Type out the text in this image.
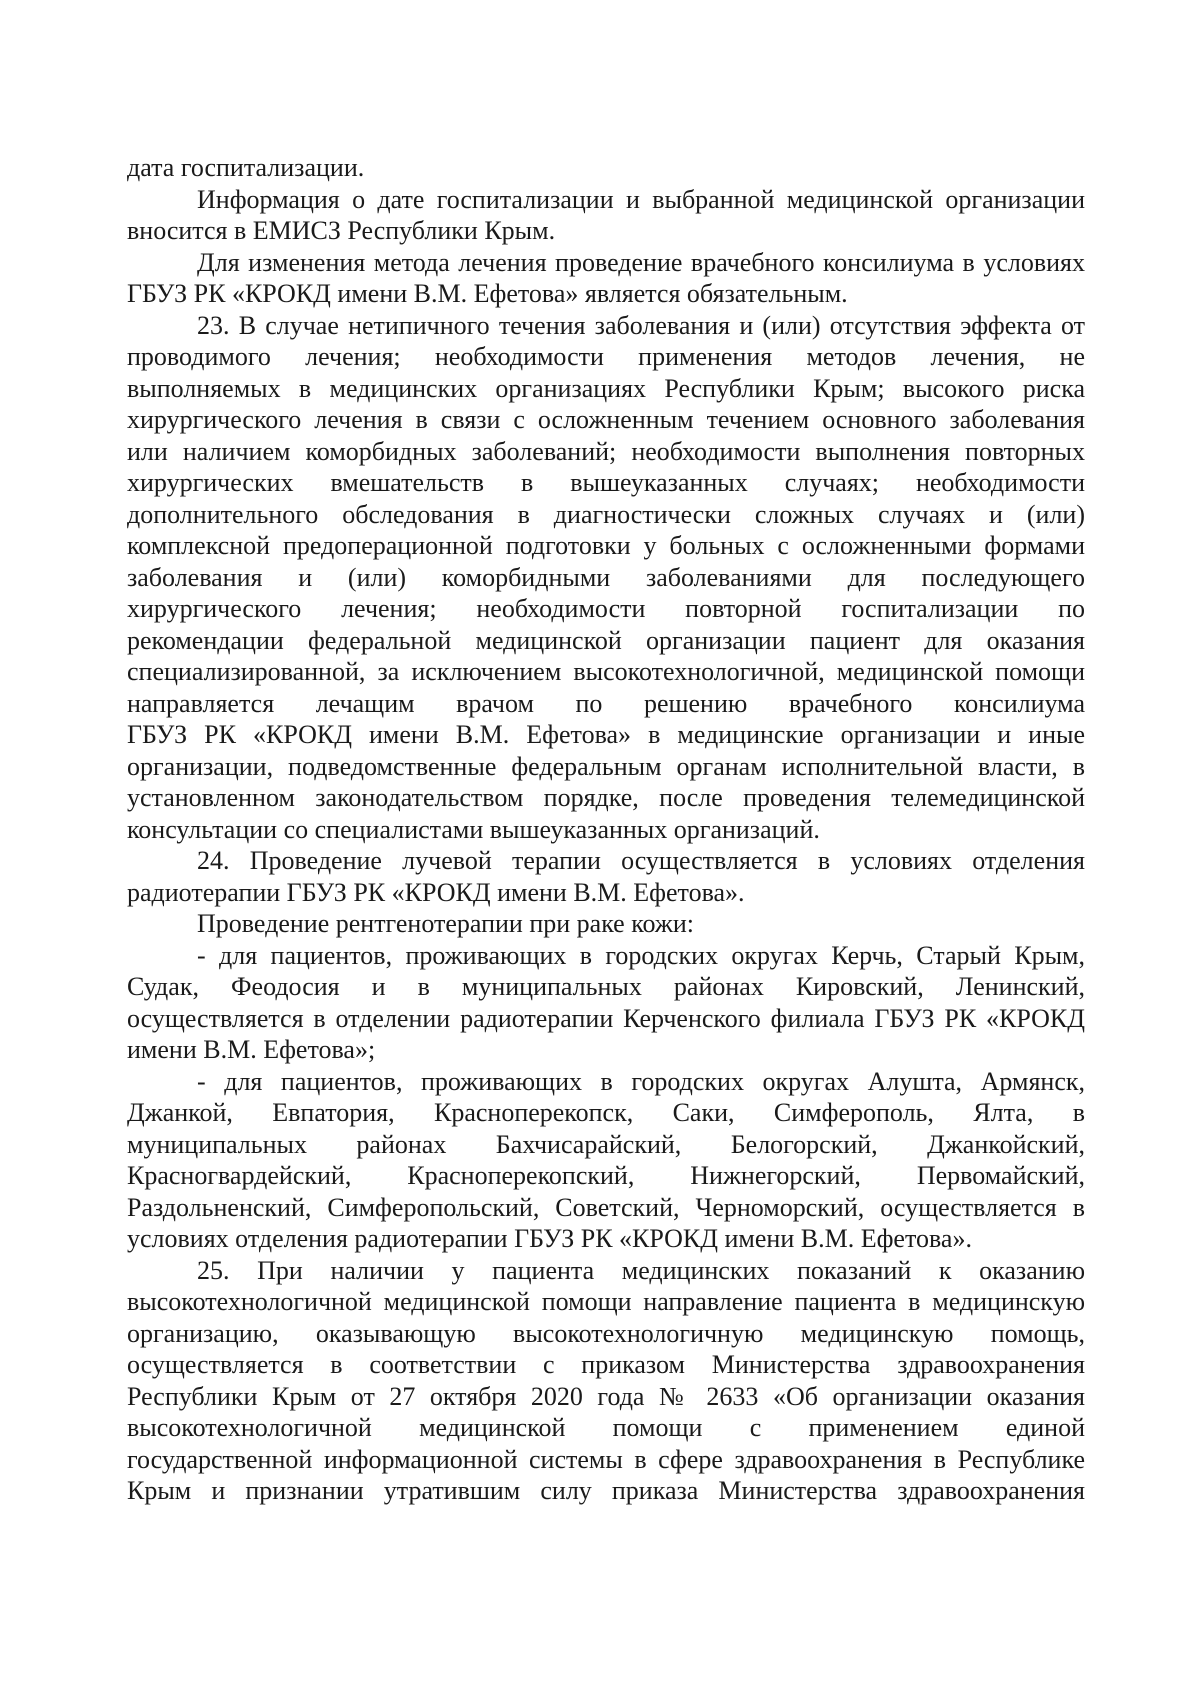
дата госпитализации.
Информация о дате госпитализации и выбранной медицинской организации
вносится в ЕМИСЗ Республики Крым.
Для изменения метода лечения проведение врачебного консилиума в условиях
ГБУЗ РК «КРОКД имени В.М. Ефетова» является обязательным.
23. В случае нетипичного течения заболевания и (или) отсутствия эффекта от
проводимого лечения; необходимости применения методов лечения, не
выполняемых в медицинских организациях Республики Крым; высокого риска
хирургического лечения в связи с осложненным течением основного заболевания
или наличием коморбидных заболеваний; необходимости выполнения повторных
хирургических вмешательств в вышеуказанных случаях; необходимости
дополнительного обследования в диагностически сложных случаях и (или)
комплексной предоперационной подготовки у больных с осложненными формами
заболевания и (или) коморбидными заболеваниями для последующего
хирургического лечения; необходимости повторной госпитализации по
рекомендации федеральной медицинской организации пациент для оказания
специализированной, за исключением высокотехнологичной, медицинской помощи
направляется лечащим врачом по решению врачебного консилиума
ГБУЗ РК «КРОКД имени В.М. Ефетова» в медицинские организации и иные
организации, подведомственные федеральным органам исполнительной власти, в
установленном законодательством порядке, после проведения телемедицинской
консультации со специалистами вышеуказанных организаций.
24. Проведение лучевой терапии осуществляется в условиях отделения
радиотерапии ГБУЗ РК «КРОКД имени В.М. Ефетова».
Проведение рентгенотерапии при раке кожи:
- для пациентов, проживающих в городских округах Керчь, Старый Крым,
Судак, Феодосия и в муниципальных районах Кировский, Ленинский,
осуществляется в отделении радиотерапии Керченского филиала ГБУЗ РК «КРОКД
имени В.М. Ефетова»;
- для пациентов, проживающих в городских округах Алушта, Армянск,
Джанкой, Евпатория, Красноперекопск, Саки, Симферополь, Ялта, в
муниципальных районах Бахчисарайский, Белогорский, Джанкойский,
Красногвардейский, Красноперекопский, Нижнегорский, Первомайский,
Раздольненский, Симферопольский, Советский, Черноморский, осуществляется в
условиях отделения радиотерапии ГБУЗ РК «КРОКД имени В.М. Ефетова».
25. При наличии у пациента медицинских показаний к оказанию
высокотехнологичной медицинской помощи направление пациента в медицинскую
организацию, оказывающую высокотехнологичную медицинскую помощь,
осуществляется в соответствии с приказом Министерства здравоохранения
Республики Крым от 27 октября 2020 года № 2633 «Об организации оказания
высокотехнологичной медицинской помощи с применением единой
государственной информационной системы в сфере здравоохранения в Республике
Крым и признании утратившим силу приказа Министерства здравоохранения
